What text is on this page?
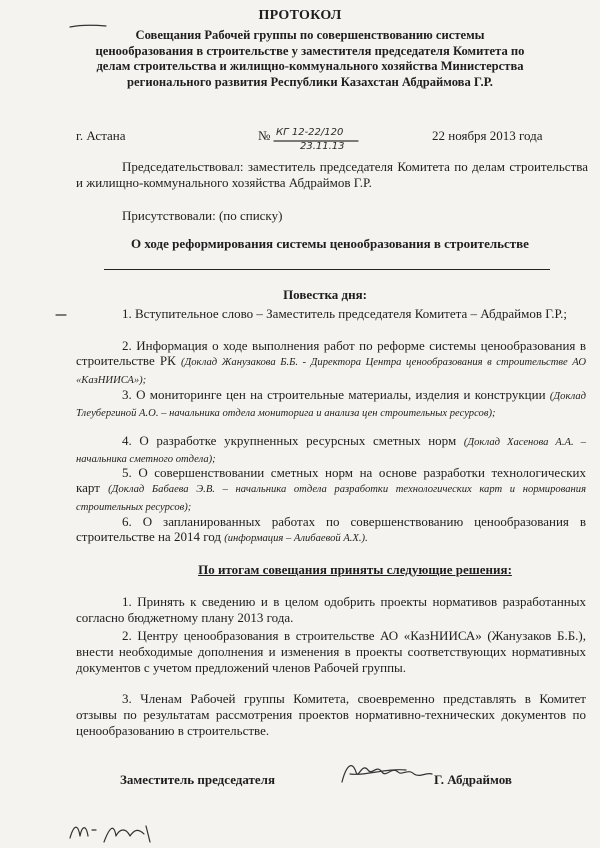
ПРОТОКОЛ
Совещания Рабочей группы по совершенствованию системы
ценообразования в строительстве у заместителя председателя Комитета по
делам строительства и жилищно-коммунального хозяйства Министерства
регионального развития Республики Казахстан Абдраймова Г.Р.
г. Астана	№ КГ 12-22/120
23.11.13
22 ноября 2013 года
Председательствовал: заместитель председателя Комитета по делам строительства и жилищно-коммунального хозяйства Абдраймов Г.Р.
Присутствовали: (по списку)
О ходе реформирования системы ценообразования в строительстве
Повестка дня:
1. Вступительное слово – Заместитель председателя Комитета – Абдраймов Г.Р.;
2. Информация о ходе выполнения работ по реформе системы ценообразования в строительстве РК (Доклад Жанузакова Б.Б. - Директора Центра ценообразования в строительстве АО «КазНИИСА»);
3. О мониторинге цен на строительные материалы, изделия и конструкции (Доклад Тлеубергиной А.О. – начальника отдела мониторига и анализа цен строительных ресурсов);
4. О разработке укрупненных ресурсных сметных норм (Доклад Хасенова А.А. – начальника сметного отдела);
5. О совершенствовании сметных норм на основе разработки технологических карт (Доклад Бабаева Э.В. – начальника отдела разработки технологических карт и нормирования строительных ресурсов);
6. О запланированных работах по совершенствованию ценообразования в строительстве на 2014 год (информация – Алибаевой А.Х.).
По итогам совещания приняты следующие решения:
1. Принять к сведению и в целом одобрить проекты нормативов разработанных согласно бюджетному плану 2013 года.
2. Центру ценообразования в строительстве АО «КазНИИСА» (Жанузаков Б.Б.), внести необходимые дополнения и изменения в проекты соответствующих нормативных документов с учетом предложений членов Рабочей группы.
3. Членам Рабочей группы Комитета, своевременно представлять в Комитет отзывы по результатам рассмотрения проектов нормативно-технических документов по ценообразованию в строительстве.
Заместитель председателя	Г. Абдраймов
